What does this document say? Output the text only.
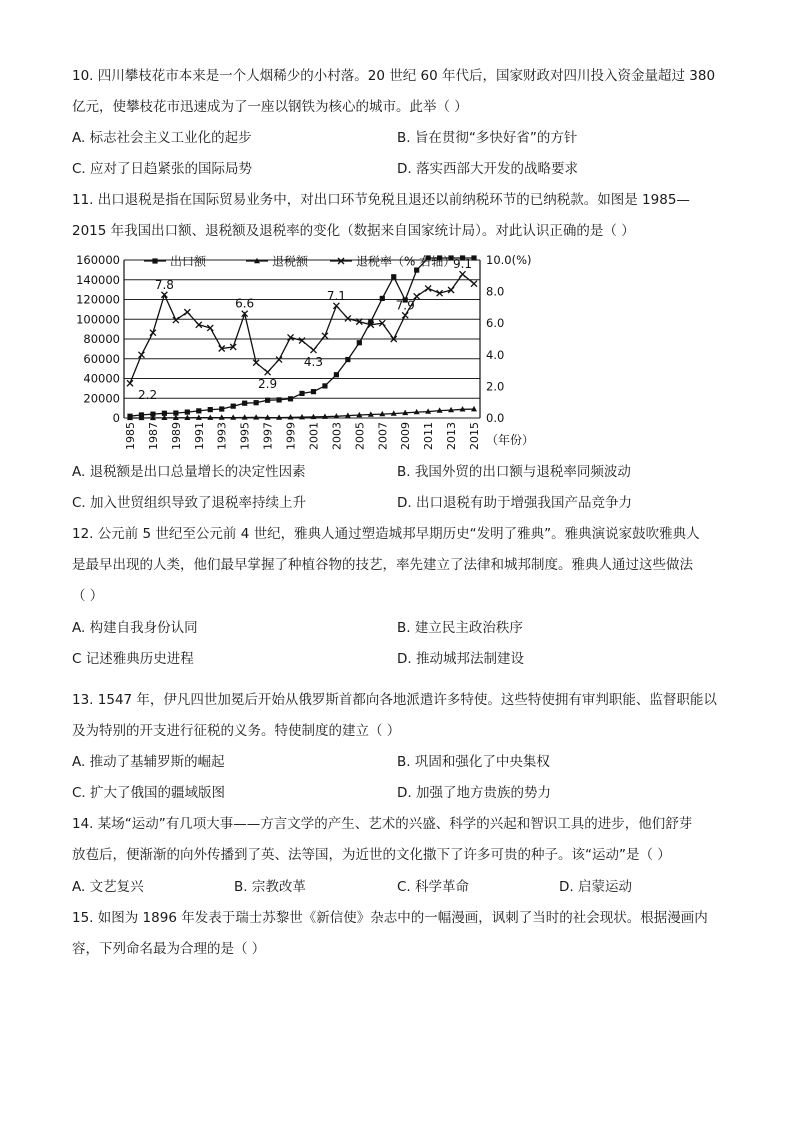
10. 四川攀枝花市本来是一个人烟稀少的小村落。20 世纪 60 年代后，国家财政对四川投入资金量超过 380
亿元，使攀枝花市迅速成为了一座以钢铁为核心的城市。此举（ ）
A. 标志社会主义工业化的起步	B. 旨在贯彻“多快好省”的方针
C. 应对了日趋紧张的国际局势	D. 落实西部大开发的战略要求
11. 出口退税是指在国际贸易业务中，对出口环节免税且退还以前纳税环节的已纳税款。如图是 1985—
2015 年我国出口额、退税额及退税率的变化（数据来自国家统计局）。对此认识正确的是（ ）
0
20000
40000
60000
80000
100000
120000
140000
160000
0.0
2.0
4.0
6.0
8.0
10.0(%)
1985 1987 1989 1991 1993 1995 1997 1999 2001 2003 2005 2007 2009 2011 2013 2015 （年份）
2.2
7.8
6.6
2.9
4.3
7.1
7.9
9.1
出口额	退税额	退税率（% 右轴）
A. 退税额是出口总量增长的决定性因素	B. 我国外贸的出口额与退税率同频波动
C. 加入世贸组织导致了退税率持续上升	D. 出口退税有助于增强我国产品竞争力
12. 公元前 5 世纪至公元前 4 世纪，雅典人通过塑造城邦早期历史“发明了雅典”。雅典演说家鼓吹雅典人
是最早出现的人类，他们最早掌握了种植谷物的技艺，率先建立了法律和城邦制度。雅典人通过这些做法
（ ）
A. 构建自我身份认同	B. 建立民主政治秩序
C 记述雅典历史进程	D. 推动城邦法制建设
13. 1547 年，伊凡四世加冕后开始从俄罗斯首都向各地派遣许多特使。这些特使拥有审判职能、监督职能以
及为特别的开支进行征税的义务。特使制度的建立（ ）
A. 推动了基辅罗斯的崛起	B. 巩固和强化了中央集权
C. 扩大了俄国的疆域版图	D. 加强了地方贵族的势力
14. 某场“运动”有几项大事——方言文学的产生、艺术的兴盛、科学的兴起和智识工具的进步，他们舒芽
放苞后，便渐渐的向外传播到了英、法等国，为近世的文化撒下了许多可贵的种子。该“运动”是（ ）
A. 文艺复兴	B. 宗教改革	C. 科学革命	D. 启蒙运动
15. 如图为 1896 年发表于瑞士苏黎世《新信使》杂志中的一幅漫画，讽刺了当时的社会现状。根据漫画内
容，下列命名最为合理的是（ ）
